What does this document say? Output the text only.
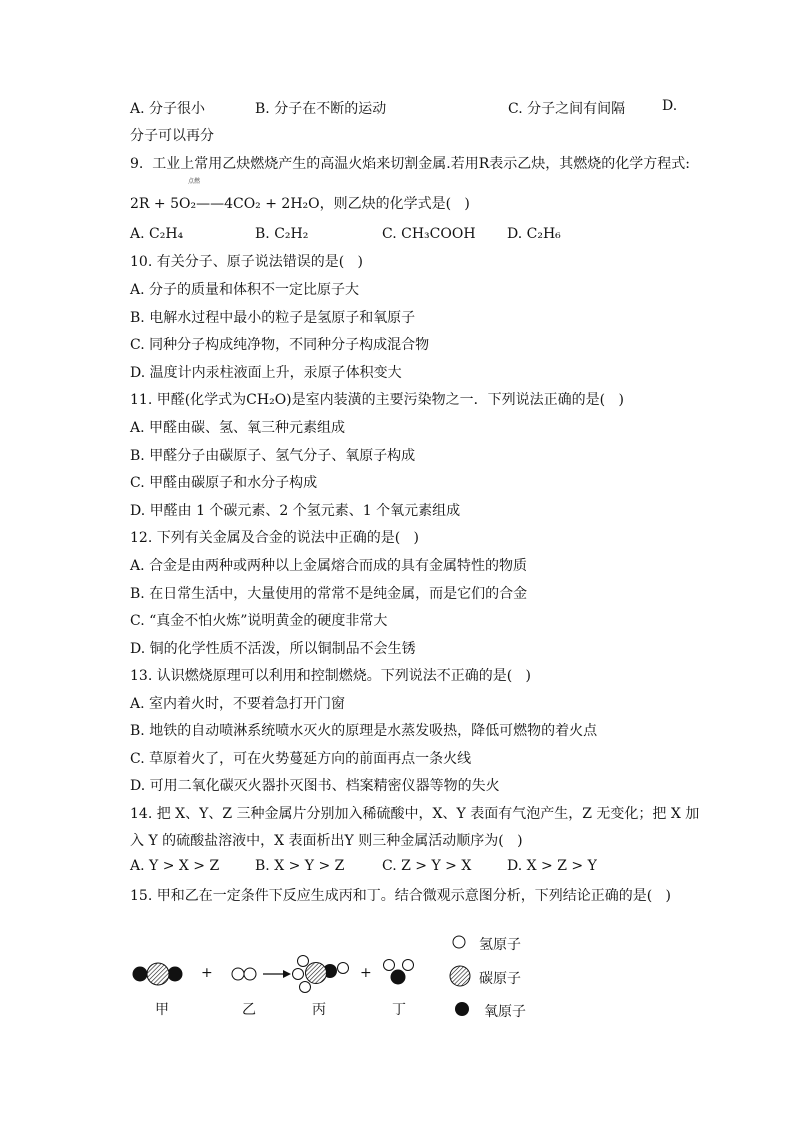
A. 分子很小	B. 分子在不断的运动	C. 分子之间有间隔	D.
分子可以再分
9.  工业上常用乙炔燃烧产生的高温火焰来切割金属.若用R表示乙炔，其燃烧的化学方程式:
点燃
2R + 5O₂——4CO₂ + 2H₂O，则乙炔的化学式是(   )
A. C₂H₄	B. C₂H₂	C. CH₃COOH D. C₂H₆
10. 有关分子、原子说法错误的是(   )
A. 分子的质量和体积不一定比原子大
B. 电解水过程中最小的粒子是氢原子和氧原子
C. 同种分子构成纯净物，不同种分子构成混合物
D. 温度计内汞柱液面上升，汞原子体积变大
11. 甲醛(化学式为CH₂O)是室内装潢的主要污染物之一．下列说法正确的是(   )
A. 甲醛由碳、氢、氧三种元素组成
B. 甲醛分子由碳原子、氢气分子、氧原子构成
C. 甲醛由碳原子和水分子构成
D. 甲醛由 1 个碳元素、2 个氢元素、1 个氧元素组成
12. 下列有关金属及合金的说法中正确的是(   )
A. 合金是由两种或两种以上金属熔合而成的具有金属特性的物质
B. 在日常生活中，大量使用的常常不是纯金属，而是它们的合金
C. “真金不怕火炼”说明黄金的硬度非常大
D. 铜的化学性质不活泼，所以铜制品不会生锈
13. 认识燃烧原理可以利用和控制燃烧。下列说法不正确的是(   )
A. 室内着火时，不要着急打开门窗
B. 地铁的自动喷淋系统喷水灭火的原理是水蒸发吸热，降低可燃物的着火点
C. 草原着火了，可在火势蔓延方向的前面再点一条火线
D. 可用二氧化碳灭火器扑灭图书、档案精密仪器等物的失火
14. 把 X、Y、Z 三种金属片分别加入稀硫酸中，X、Y 表面有气泡产生，Z 无变化；把 X 加
入 Y 的硫酸盐溶液中，X 表面析出Y 则三种金属活动顺序为(   )
A. Y > X > Z	B. X > Y > Z	C. Z > Y > X	D. X > Z > Y
15. 甲和乙在一定条件下反应生成丙和丁。结合微观示意图分析，下列结论正确的是(   )
+	+
甲	乙	丙	丁
氢原子
碳原子
氧原子
